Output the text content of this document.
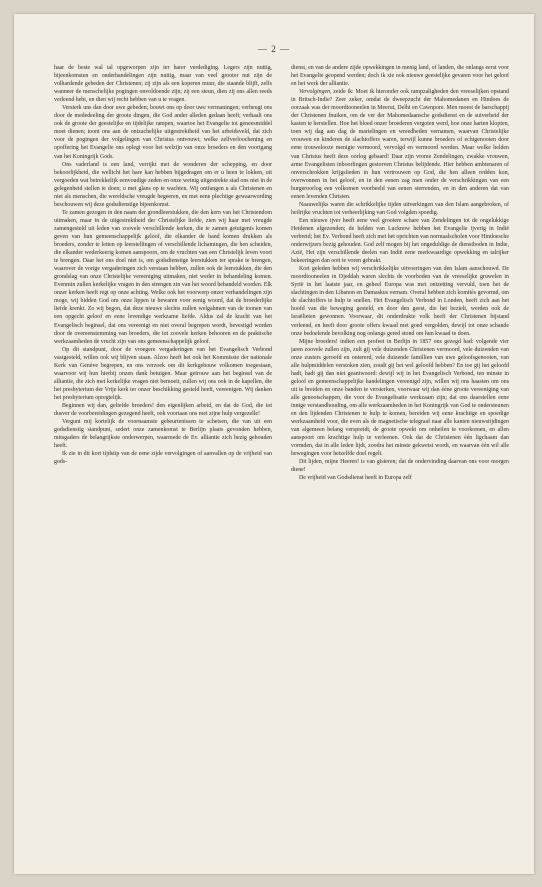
— 2 —

haar de beste wal tal opgeworpen zijn ter harer verdediging. Legers zijn nuttig, bijeenkomsten en onderhandelingen zijn nuttig, maar van veel grooter nut zijn de volhardende gebeden der Christenen; zij zijn als een koperen muur, die staande blijft, zelfs wanneer de menschelijke pogingen onvoldoende zijn; zij een steun, dien zij ons allen reeds verleend hebt, en dien wij recht hebben van u te vragen.

Versterk uns dan door uwe gebeden; bouwt ons op door uwe vermaningen; verheugt ons door de mededeeling der groote dingen, die God ander alleden gedaan heeft; verhaalt ons ook de groote der geestelijke en tijdelijke rampen, waartoe het Evangelie tot geneesmiddel moet dienen; toont ons aan de ontzachelijke uitgestrektheid van het arbeidsveld, dat zich voor de pogingen der volgelingen van Christus ontvouwt; welke zelfverloochening en opoffering het Evangelie ons oplegt voor het welzijn van onze broeders en den voortgang van het Koningrijk Gods.

Ons vaderland is een land, verrijkt met de wonderen der schepping, en door bekoorlijkheid, die wellicht het hare kan hebben bijgedragen om er u heen te lokken, uit vergoeden wat betrekkelijk eenvoudige zeden en onze weinig uitgestrekte stad ons niet in de gelegenheid stellen te doen; u met glans op te wachten. Wij ontfangen u als Christenen en niet als menschen, die wereldsche vreugde begeeren, en met eene plechtige gewaarwording beschouwen wij deze godsdienstige bijeenkomst.

Te zamen gezogen in den naam der grondleerstukken, die den kern van het Christendom uitmaken, maar in de uitgestrektheid der Christelijke liefde, zien wij haar met vreugde zamengesteld uit leden van zoovele verschillende kerken, die te zamen getuigenis komen geven van hun gemeenschappelijk geloof, die elkander de hand komen drukken als broeders, zonder te letten op leerstellingen of verschillende lichamingen, die hen scheiden, die elkander wederkeerig komen aanspoorn, om de vruchten van een Christelijk leven voort te brengen. Daar het ons doel niet is, om godsdienstige leerstukken ter sprake te brengen, waarover de vorige vergaderingen zich verstaan hebben, zullen ook de leerstukken, die den grondslag van onze Christelijke vereeniging uitmaken, niet weder in behandeling komen. Evenmin zullen kerkelijke vragen in den strengen zin van het woord behandeld worden. Elk onzer kerken heeft regt op onze achting. Welke ook het voorwerp onzer verhandelingen zijn moge, wij bidden God om onze lippen te bewaren voor eenig woord, dat de broederlijke liefde krenkt. Zo wij begon, dat deze nieuwe slechts zullen welgahmen van de toonen van een opgecht geloof en eene levendige werkzame liefde. Aldus zal de kracht van het Evangelisch beginsel, dat ons vereenigt en niet overal begrepen wordt, bevestigd worden door de overeenstemming van broeders, die tot zoovele kerken behooren en de praktische werkzaamheden de vrucht zijn van ons gemeenschappelijk geloof.

Op dit standpunt, door de vroegere vergaderingen van het Evangelisch Verbond vastgesteld, willen ook wij blijven staan. Alzoo heeft het ook het Kommissie der nationale Kerk van Genève begrepen, en ons verzoek om dit kerkgebouw volkomen toegestaan, waarvoor wij hun hierbij onzen dank betuigen. Maar getrouw aan het beginsel van de alliantie, die zich met kerkelijke vragen niet bemoeit, zullen wij ons ook in de kapellen, die het presbyterium der Vrije kerk ter onzer beschikking gesteld heeft, vereenigen. Wij danken het presbyterium opregtelijk.

Beginnen wij dan, geliefde broeders! den eigenlijken arbeid, en dat de God, die tot dusver de voorbereidingen gezegend heeft, ook voortaan ons met zijne hulp vergezelle!

Vergunt mij kortelijk de voornaamste gebeurtenissen te schetsen, die van uit een godsdienstig standpunt, sedert onze zamenkomst te Berlijn plaats gevonden hebben, mitsgaders de belangrijkste onderwerpen, waarmede de Ev. alliantie zich bezig gehouden heeft.

Ik zie in dit kort tijdstip van de eene zijde vervolgingen of aanvallen op de vrijheid van gods-

dienst, en van de andere zijde opwekkingen in menig land, of landen, die onlangs eerst voor het Evangelie geopend werden; doch ik zie ook nieuwe geestelijke gevaren voor het geloof en het werk der alliantie.

Vervolgingen, zeide ik: Moet ik hieronder ook rampzaligheden den vreeselijken opstand in Britsch-Indie? Zeer zeker, omdat de dweepzucht der Mahomedanen en Hindoes de oorzaak was der moordtooneelen in Meerut, Delhi en Cawnpore. Men moest de barschappij der Christenen fnuiken, om de ver der Mahomedaansche godsdienst en de suiverheid der kasten te herstellen. Hoe het bloed onzer broederen vergoten werd, hoe onze harten klopten, toen wij dag aan dag de martelingen en wreedheden vernamen, waarvan Christelijke vrouwen en kinderen de slachtoffers waren, terwijl kunne broeders of echtgenooten door eene trouwelooze menigte vermoord, vervolgd en vermoord werden. Maar welke helden van Christus heeft deze oorlog gebaard! Daar zijn vrome Zendelingen, zwakke vrouwen, arme Evangelisten inboorlingen gestorven Christus belijdende. Hier hebben ambtenaren of onverschrokken krijgslieden in hun vertrouwen op God, die hen alleen redden kon, overwonnen in het geloof, en in den eenen zag men onder de verschrikkingen van een burgeroorlog een volkomen voorbeeld van eenen sterrenden, en in den anderen dat van eenen levenden Christen.

Naauwelijks waren die schrikkelijke tijden uitverkingen van den Islam aangebroken, of heilrijke vruchten tot verheerlijking van God volgden spoedig.

Een nieuwe ijver heeft eene veel grootere schare van Zendelingen tot de ongelukkige Heidenen afgezonden; de helden van Lucknow hebben het Evangelie ijverig in Indië verbreid; het Ev. Verbond heeft zich met het oprichten van normaalscholen voor Hindoesche onderwijzers bezig gehouden. God zelf mogen bij het ongeduldige de dienstboden in Indie, Azië, Het zijn verschillende deelen van Indië eene merkwaardige opwekking en talrijker bekeeringen dan ooit te voren gebrakt.

Kort geleden hebben wij verschrikkelijke uitvoeringen van den Islam aanschouwd. De moordtooneelen in Djeddah waren slechts de voorboden van de vreeselijke gruwelen in Syrië in het laatste jaar, en geheel Europa was met ontzetting vervuld, toen het de slachtingen in den Libanon en Damaskus vernam. Overal hebben zich komités gevormd, om de slachtoffers te hulp te snellen. Het Evangelisch Verbond in Londen, heeft zich aan het hoofd van die beweging gesteld, en door den geest, die het bezielt, werden ook de Israëlieten gewonnen. Voorwaar, dit onderdrukte volk heeft der Christenen bijstand verleend, en heeft door groote offers kwaad met goed vergolden, dewijl tot onze schande onze bedoelende bevolking nog onlangs gered stond om hun kwaad te doen.

Mijne broeders! indien een profeet in Berlijn in 1857 ons gezegd had: volgende vier jaren zoovele zullen zijn, zult gij vele duizenden Christenen vermoord, vele duizenden van onze zusters geroofd en ontererd, vele duizende famillien van uwe geloofsgenooten, van alle hulpmiddelen verstoken zien, zoudt gij het wel geloofd hebben? En toe gij het geloofd hadt, hadt gij dan niet geantwoord: dewijl wij in het Evangelisch Verbond, ten minste in geloof en gemeenschappelijke handelingen vereenigd zijn, willen wij ons haasten om ons uit te breiden en onze banden te versterken, voorwaar wij dan ééne groote vereeniging van alle genootschappen, die voor de Evangelisatie werkzaam zijn; dat ons daarstellen eene innige verstandhouding, om alle werkzaamheden in het Koningrijk van God te ondersteunen en den lijdenden Christenen te hulp te komen, bereiden wij eene krachtige en spoedige werkzaamheid voor, die even als de magnetische telegraaf naar alle kanten nieuwstijdingen van algemeen belang verspreidt, de groote opwekt om onheilen te voorkomen, en allen aanspoort om krachtige hulp te verleenen. Ook dat de Christenen één ligchaam dan vormden, dat in alle leden lijdt, zoodra het minste gekwetst wordt, en waarvan één wil alle bewegingen voor hetzelfde doel regelt.

Dit lijden, mijne Heeren! is van gisteren; dat de ondervinding daarvan ons voor morgen diene!

De vrijheid van Godsdienst heeft in Europa zelf
